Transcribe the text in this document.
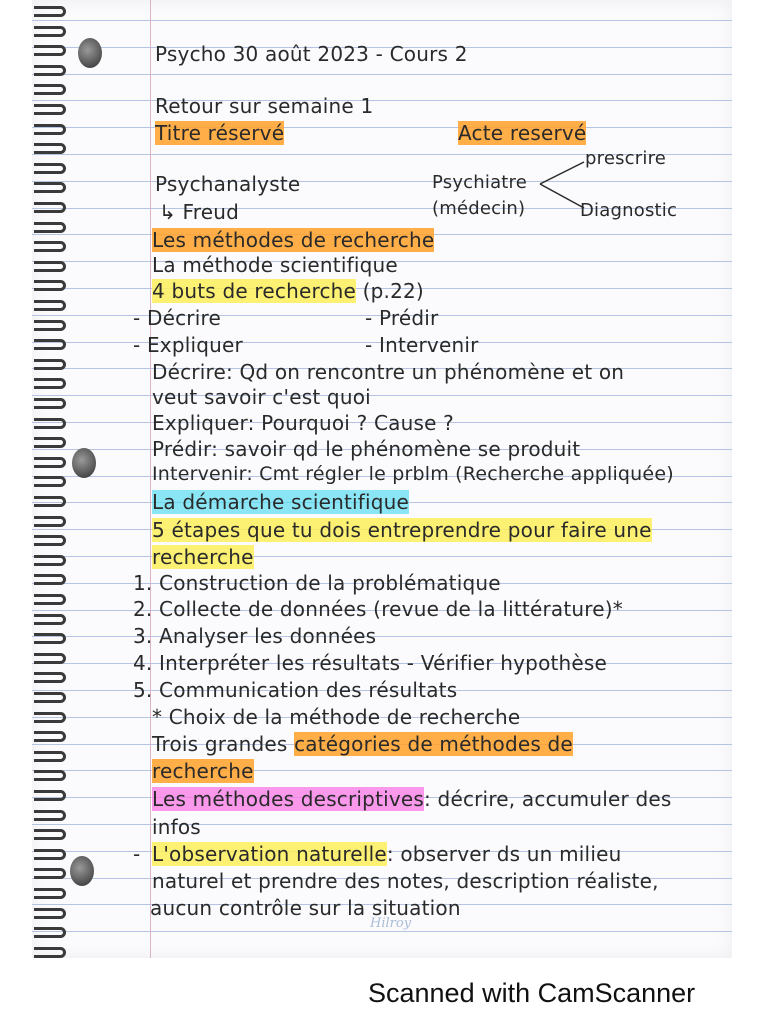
Psycho 30 août 2023 - Cours 2
Retour sur semaine 1
Titre réservé	Acte reservé
prescrire
Psychanalyste	Psychiatre
↳ Freud	(médecin)	Diagnostic
Les méthodes de recherche
La méthode scientifique
4 buts de recherche (p.22)
- Décrire	- Prédir
- Expliquer	- Intervenir
Décrire: Qd on rencontre un phénomène et on
veut savoir c'est quoi
Expliquer: Pourquoi ? Cause ?
Prédir: savoir qd le phénomène se produit
Intervenir: Cmt régler le prblm (Recherche appliquée)
La démarche scientifique
5 étapes que tu dois entreprendre pour faire une
recherche
1. Construction de la problématique
2. Collecte de données (revue de la littérature)*
3. Analyser les données
4. Interpréter les résultats - Vérifier hypothèse
5. Communication des résultats
* Choix de la méthode de recherche
Trois grandes catégories de méthodes de
recherche
Les méthodes descriptives: décrire, accumuler des
infos
- L'observation naturelle: observer ds un milieu
naturel et prendre des notes, description réaliste,
aucun contrôle sur la situation
Hilroy
Scanned with CamScanner
